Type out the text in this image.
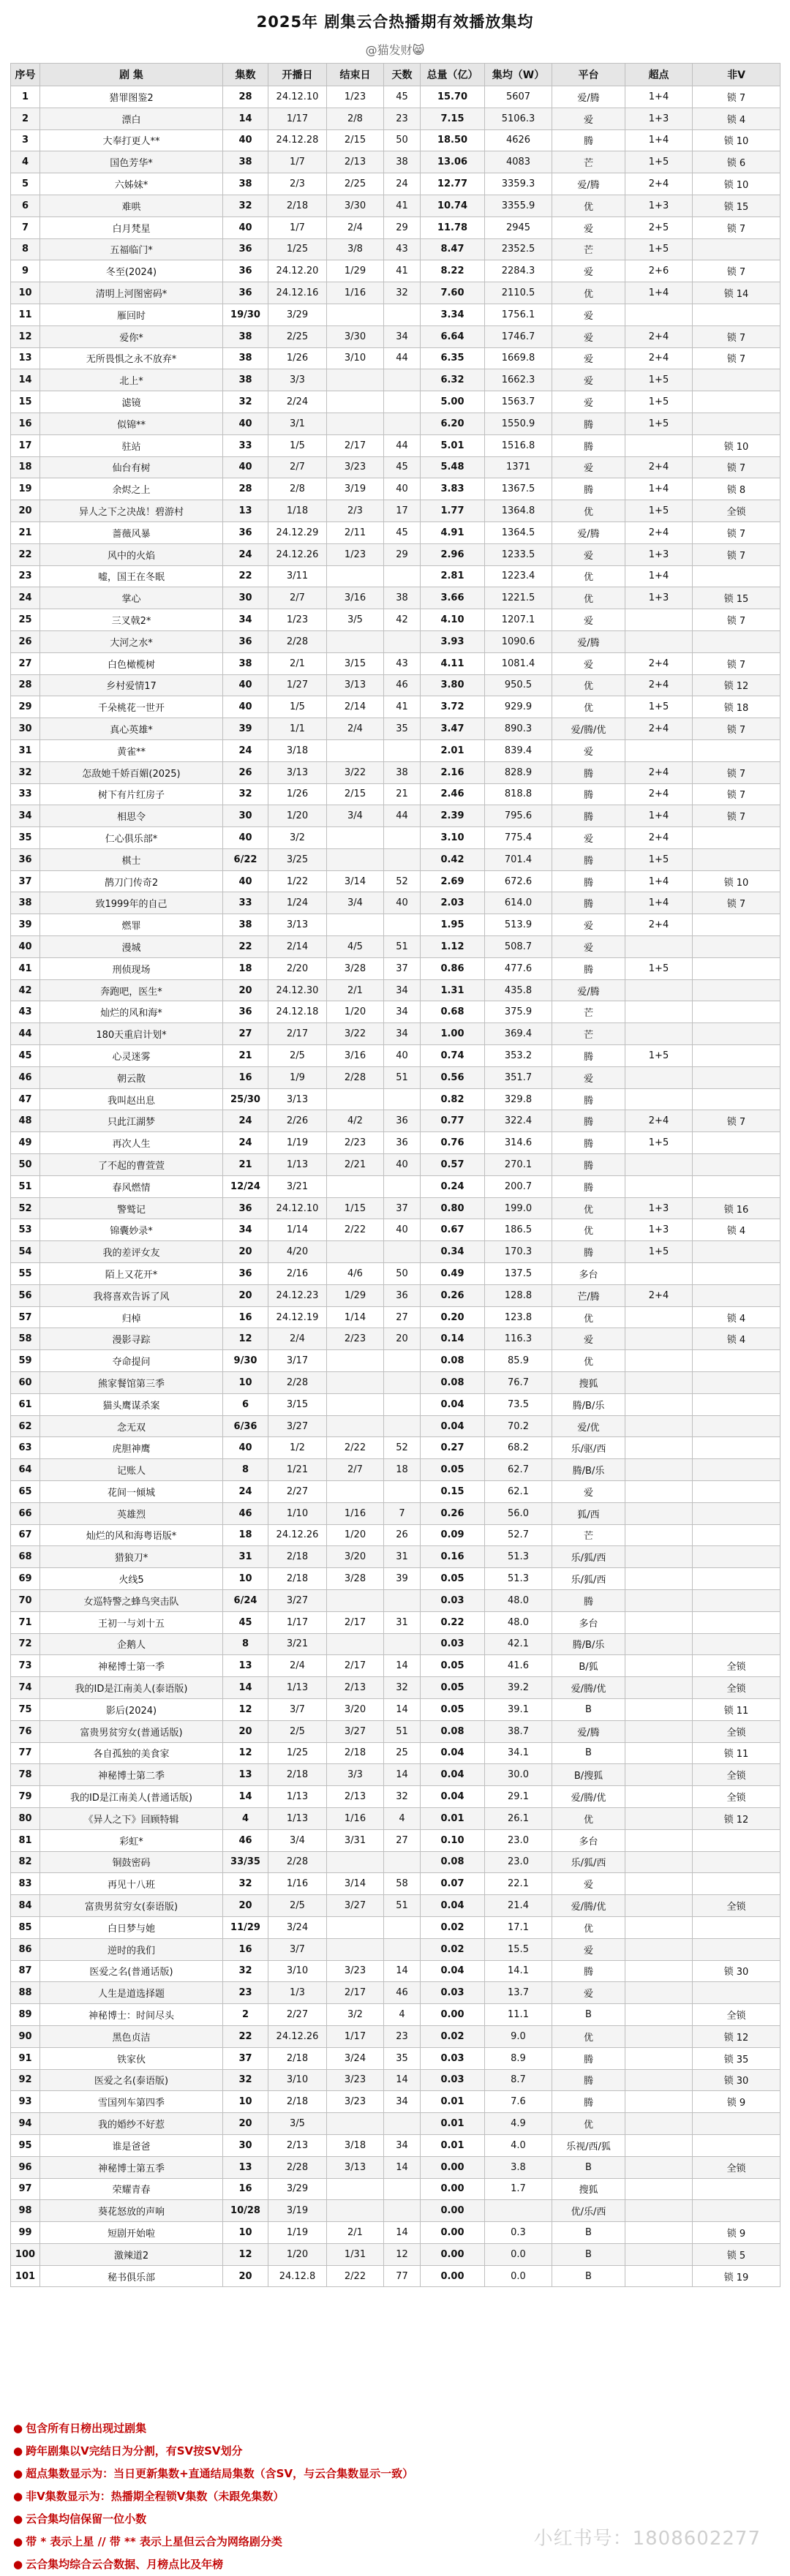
2025年 剧集云合热播期有效播放集均
@猫发财😸
序号	剧 集	集数	开播日	结束日	天数	总量（亿）	集均（W）	平台	超点	非V
1	猎罪图鉴2	28	24.12.10	1/23	45	15.70	5607	爱/腾	1+4	锁 7
2	漂白	14	1/17	2/8	23	7.15	5106.3	爱	1+3	锁 4
3	大奉打更人**	40	24.12.28	2/15	50	18.50	4626	腾	1+4	锁 10
4	国色芳华*	38	1/7	2/13	38	13.06	4083	芒	1+5	锁 6
5	六姊妹*	38	2/3	2/25	24	12.77	3359.3	爱/腾	2+4	锁 10
6	难哄	32	2/18	3/30	41	10.74	3355.9	优	1+3	锁 15
7	白月梵星	40	1/7	2/4	29	11.78	2945	爱	2+5	锁 7
8	五福临门*	36	1/25	3/8	43	8.47	2352.5	芒	1+5	
9	冬至(2024)	36	24.12.20	1/29	41	8.22	2284.3	爱	2+6	锁 7
10	清明上河图密码*	36	24.12.16	1/16	32	7.60	2110.5	优	1+4	锁 14
11	雁回时	19/30	3/29			3.34	1756.1	爱		
12	爱你*	38	2/25	3/30	34	6.64	1746.7	爱	2+4	锁 7
13	无所畏惧之永不放弃*	38	1/26	3/10	44	6.35	1669.8	爱	2+4	锁 7
14	北上*	38	3/3			6.32	1662.3	爱	1+5	
15	滤镜	32	2/24			5.00	1563.7	爱	1+5	
16	似锦**	40	3/1			6.20	1550.9	腾	1+5	
17	驻站	33	1/5	2/17	44	5.01	1516.8	腾		锁 10
18	仙台有树	40	2/7	3/23	45	5.48	1371	爱	2+4	锁 7
19	余烬之上	28	2/8	3/19	40	3.83	1367.5	腾	1+4	锁 8
20	异人之下之决战！碧游村	13	1/18	2/3	17	1.77	1364.8	优	1+5	全锁
21	蔷薇风暴	36	24.12.29	2/11	45	4.91	1364.5	爱/腾	2+4	锁 7
22	风中的火焰	24	24.12.26	1/23	29	2.96	1233.5	爱	1+3	锁 7
23	嘘，国王在冬眠	22	3/11			2.81	1223.4	优	1+4	
24	掌心	30	2/7	3/16	38	3.66	1221.5	优	1+3	锁 15
25	三叉戟2*	34	1/23	3/5	42	4.10	1207.1	爱		锁 7
26	大河之水*	36	2/28			3.93	1090.6	爱/腾		
27	白色橄榄树	38	2/1	3/15	43	4.11	1081.4	爱	2+4	锁 7
28	乡村爱情17	40	1/27	3/13	46	3.80	950.5	优	2+4	锁 12
29	千朵桃花一世开	40	1/5	2/14	41	3.72	929.9	优	1+5	锁 18
30	真心英雄*	39	1/1	2/4	35	3.47	890.3	爱/腾/优	2+4	锁 7
31	黄雀**	24	3/18			2.01	839.4	爱		
32	怎敌她千娇百媚(2025)	26	3/13	3/22	38	2.16	828.9	腾	2+4	锁 7
33	树下有片红房子	32	1/26	2/15	21	2.46	818.8	腾	2+4	锁 7
34	相思令	30	1/20	3/4	44	2.39	795.6	腾	1+4	锁 7
35	仁心俱乐部*	40	3/2			3.10	775.4	爱	2+4	
36	棋士	6/22	3/25			0.42	701.4	腾	1+5	
37	鹊刀门传奇2	40	1/22	3/14	52	2.69	672.6	腾	1+4	锁 10
38	致1999年的自己	33	1/24	3/4	40	2.03	614.0	腾	1+4	锁 7
39	燃罪	38	3/13			1.95	513.9	爱	2+4	
40	漫城	22	2/14	4/5	51	1.12	508.7	爱		
41	刑侦现场	18	2/20	3/28	37	0.86	477.6	腾	1+5	
42	奔跑吧，医生*	20	24.12.30	2/1	34	1.31	435.8	爱/腾		
43	灿烂的风和海*	36	24.12.18	1/20	34	0.68	375.9	芒		
44	180天重启计划*	27	2/17	3/22	34	1.00	369.4	芒		
45	心灵迷雾	21	2/5	3/16	40	0.74	353.2	腾	1+5	
46	朝云散	16	1/9	2/28	51	0.56	351.7	爱		
47	我叫赵出息	25/30	3/13			0.82	329.8	腾		
48	只此江湖梦	24	2/26	4/2	36	0.77	322.4	腾	2+4	锁 7
49	再次人生	24	1/19	2/23	36	0.76	314.6	腾	1+5	
50	了不起的曹萱萱	21	1/13	2/21	40	0.57	270.1	腾		
51	春风燃情	12/24	3/21			0.24	200.7	腾		
52	警鹫记	36	24.12.10	1/15	37	0.80	199.0	优	1+3	锁 16
53	锦囊妙录*	34	1/14	2/22	40	0.67	186.5	优	1+3	锁 4
54	我的差评女友	20	4/20			0.34	170.3	腾	1+5	
55	陌上又花开*	36	2/16	4/6	50	0.49	137.5	多台		
56	我将喜欢告诉了风	20	24.12.23	1/29	36	0.26	128.8	芒/腾	2+4	
57	归棹	16	24.12.19	1/14	27	0.20	123.8	优		锁 4
58	漫影寻踪	12	2/4	2/23	20	0.14	116.3	爱		锁 4
59	夺命提问	9/30	3/17			0.08	85.9	优		
60	熊家餐馆第三季	10	2/28			0.08	76.7	搜狐		
61	猫头鹰谋杀案	6	3/15			0.04	73.5	腾/B/乐		
62	念无双	6/36	3/27			0.04	70.2	爱/优		
63	虎胆神鹰	40	1/2	2/22	52	0.27	68.2	乐/驱/西		
64	记账人	8	1/21	2/7	18	0.05	62.7	腾/B/乐		
65	花间一倾城	24	2/27			0.15	62.1	爱		
66	英雄烈	46	1/10	1/16	7	0.26	56.0	狐/西		
67	灿烂的风和海粤语版*	18	24.12.26	1/20	26	0.09	52.7	芒		
68	猎狼刀*	31	2/18	3/20	31	0.16	51.3	乐/狐/西		
69	火线5	10	2/18	3/28	39	0.05	51.3	乐/狐/西		
70	女巡特警之蜂鸟突击队	6/24	3/27			0.03	48.0	腾		
71	王初一与刘十五	45	1/17	2/17	31	0.22	48.0	多台		
72	企鹅人	8	3/21			0.03	42.1	腾/B/乐		
73	神秘博士第一季	13	2/4	2/17	14	0.05	41.6	B/狐		全锁
74	我的ID是江南美人(泰语版)	14	1/13	2/13	32	0.05	39.2	爱/腾/优		全锁
75	影后(2024)	12	3/7	3/20	14	0.05	39.1	B		锁 11
76	富贵男贫穷女(普通话版)	20	2/5	3/27	51	0.08	38.7	爱/腾		全锁
77	各自孤独的美食家	12	1/25	2/18	25	0.04	34.1	B		锁 11
78	神秘博士第二季	13	2/18	3/3	14	0.04	30.0	B/搜狐		全锁
79	我的ID是江南美人(普通话版)	14	1/13	2/13	32	0.04	29.1	爱/腾/优		全锁
80	《异人之下》回顾特辑	4	1/13	1/16	4	0.01	26.1	优		锁 12
81	彩虹*	46	3/4	3/31	27	0.10	23.0	多台		
82	铜鼓密码	33/35	2/28			0.08	23.0	乐/狐/西		
83	再见十八班	32	1/16	3/14	58	0.07	22.1	爱		
84	富贵男贫穷女(泰语版)	20	2/5	3/27	51	0.04	21.4	爱/腾/优		全锁
85	白日梦与她	11/29	3/24			0.02	17.1	优		
86	逆时的我们	16	3/7			0.02	15.5	爱		
87	医爱之名(普通话版)	32	3/10	3/23	14	0.04	14.1	腾		锁 30
88	人生是道选择题	23	1/3	2/17	46	0.03	13.7	爱		
89	神秘博士：时间尽头	2	2/27	3/2	4	0.00	11.1	B		全锁
90	黑色贞洁	22	24.12.26	1/17	23	0.02	9.0	优		锁 12
91	铁家伙	37	2/18	3/24	35	0.03	8.9	腾		锁 35
92	医爱之名(泰语版)	32	3/10	3/23	14	0.03	8.7	腾		锁 30
93	雪国列车第四季	10	2/18	3/23	34	0.01	7.6	腾		锁 9
94	我的婚纱不好惹	20	3/5			0.01	4.9	优		
95	谁是爸爸	30	2/13	3/18	34	0.01	4.0	乐视/西/狐		
96	神秘博士第五季	13	2/28	3/13	14	0.00	3.8	B		全锁
97	荣耀青春	16	3/29			0.00	1.7	搜狐		
98	葵花怒放的声响	10/28	3/19			0.00		优/乐/西		
99	短剧开始啦	10	1/19	2/1	14	0.00	0.3	B		锁 9
100	激辣道2	12	1/20	1/31	12	0.00	0.0	B		锁 5
101	秘书俱乐部	20	24.12.8	2/22	77	0.00	0.0	B		锁 19
● 包含所有日榜出现过剧集
● 跨年剧集以V完结日为分割，有SV按SV划分
● 超点集数显示为：当日更新集数+直通结局集数（含SV，与云合集数显示一致）
● 非V集数显示为：热播期全程锁V集数（未跟免集数）
● 云合集均信保留一位小数
● 带 * 表示上星 // 带 ** 表示上星但云合为网络剧分类
● 云合集均综合云合数据、月榜点比及年榜
小红书号：1808602277
